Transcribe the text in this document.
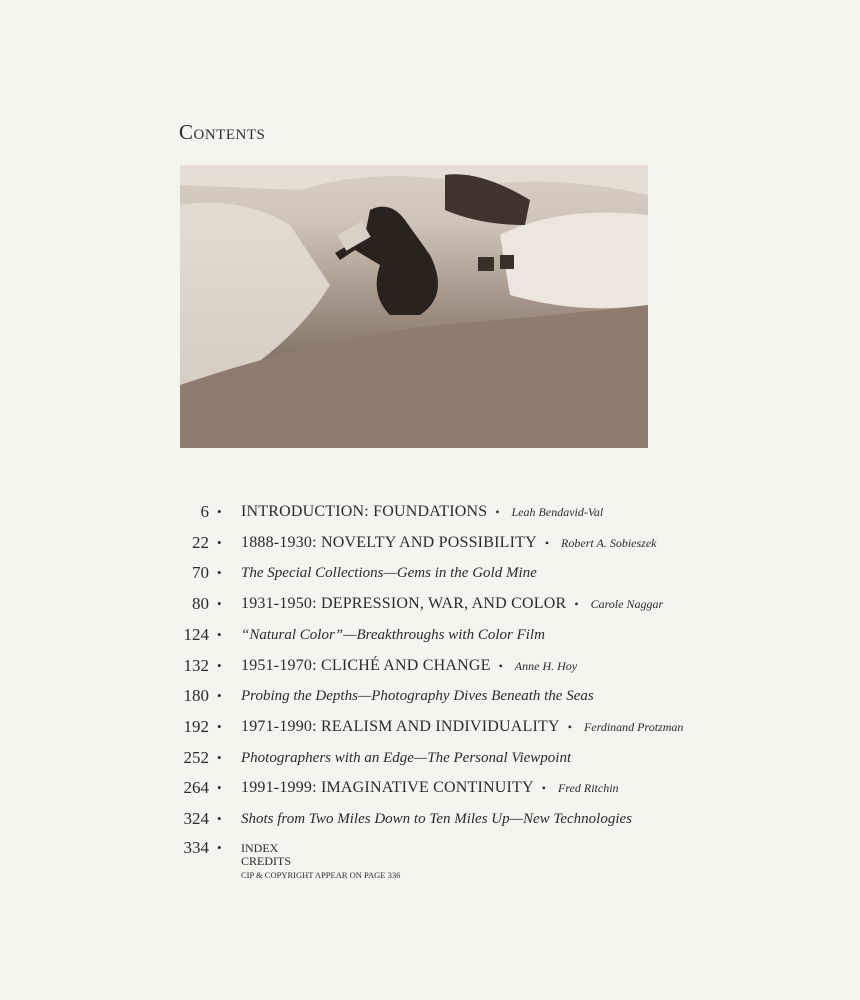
Contents
6 • INTRODUCTION: FOUNDATIONS • Leah Bendavid-Val
22 • 1888-1930: NOVELTY AND POSSIBILITY • Robert A. Sobieszek
70 • The Special Collections—Gems in the Gold Mine
80 • 1931-1950: DEPRESSION, WAR, AND COLOR • Carole Naggar
124 • “Natural Color”—Breakthroughs with Color Film
132 • 1951-1970: CLICHÉ AND CHANGE • Anne H. Hoy
180 • Probing the Depths—Photography Dives Beneath the Seas
192 • 1971-1990: REALISM AND INDIVIDUALITY • Ferdinand Protzman
252 • Photographers with an Edge—The Personal Viewpoint
264 • 1991-1999: IMAGINATIVE CONTINUITY • Fred Ritchin
324 • Shots from Two Miles Down to Ten Miles Up—New Technologies
334 • INDEX
CREDITS
CIP & COPYRIGHT APPEAR ON PAGE 336
